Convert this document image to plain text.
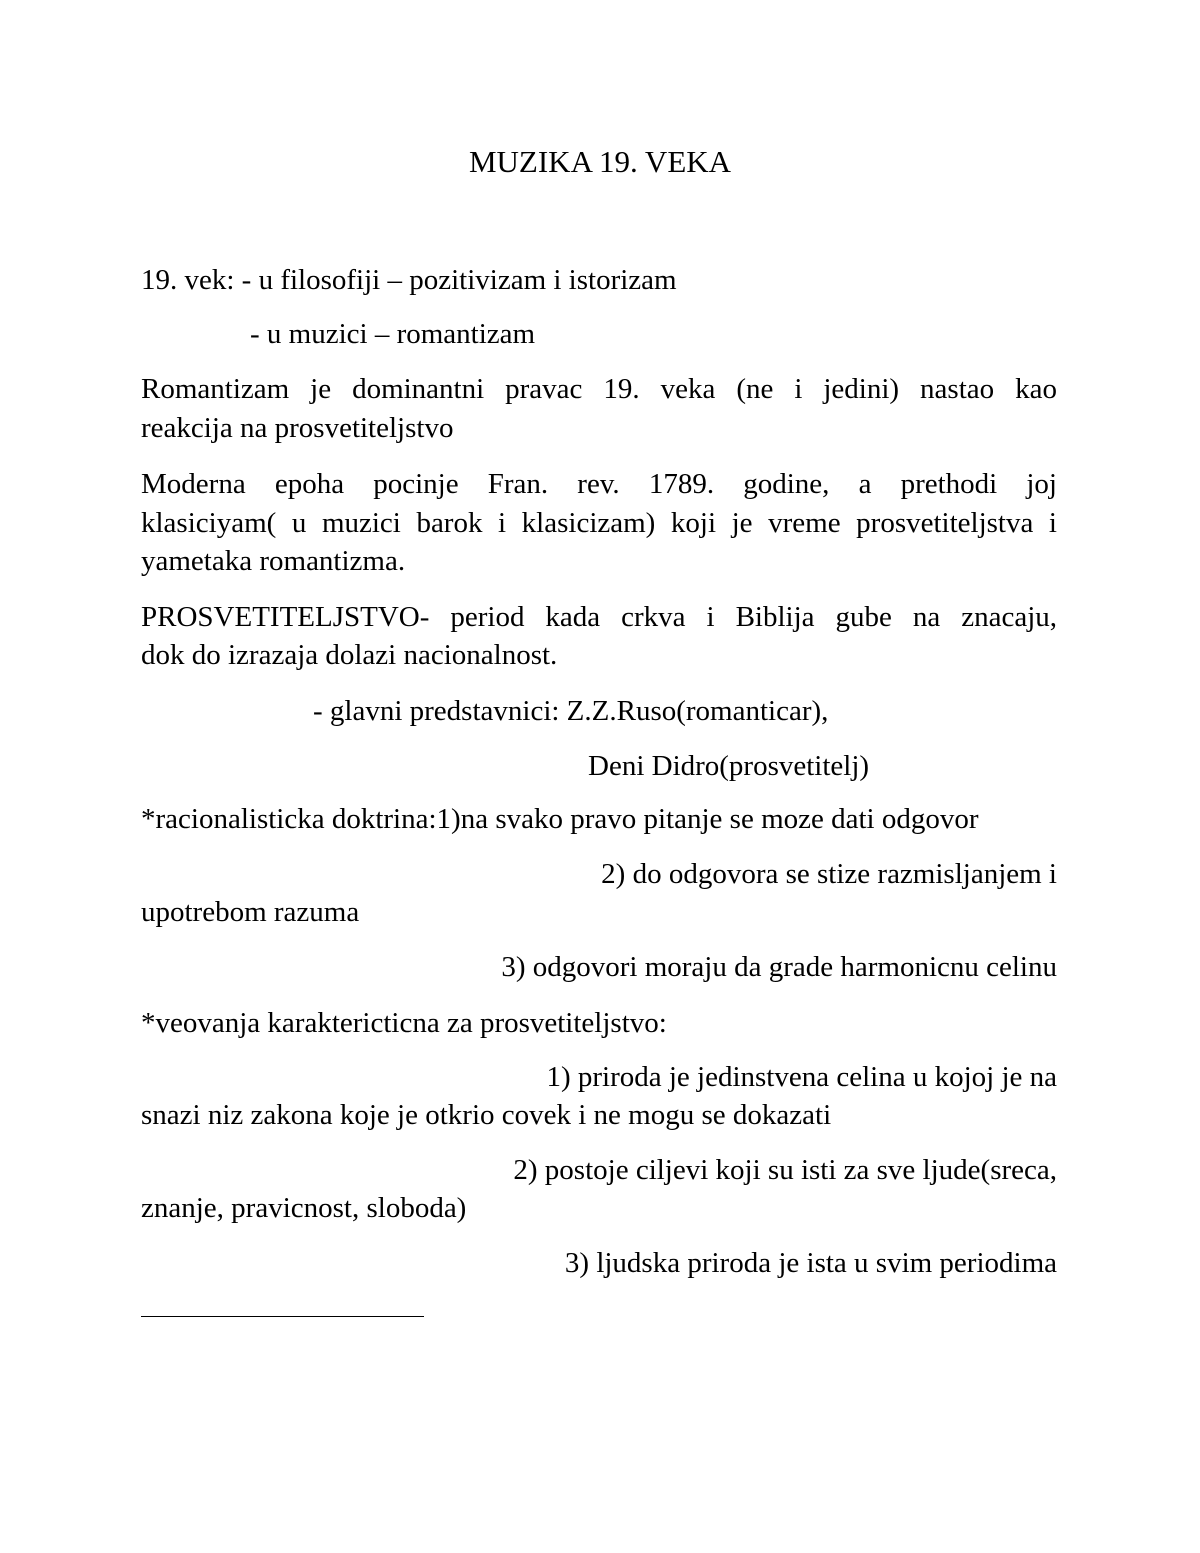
MUZIKA 19. VEKA
19. vek: - u filosofiji – pozitivizam i istorizam
- u muzici – romantizam
Romantizam je dominantni pravac 19. veka (ne i jedini) nastao kao
reakcija na prosvetiteljstvo
Moderna epoha pocinje Fran. rev. 1789. godine, a prethodi joj
klasiciyam( u muzici barok i klasicizam) koji je vreme prosvetiteljstva i
yametaka romantizma.
PROSVETITELJSTVO- period kada crkva i Biblija gube na znacaju,
dok do izrazaja dolazi nacionalnost.
- glavni predstavnici: Z.Z.Ruso(romanticar),
Deni Didro(prosvetitelj)
*racionalisticka doktrina:1)na svako pravo pitanje se moze dati odgovor
2) do odgovora se stize razmisljanjem i
upotrebom razuma
3) odgovori moraju da grade harmonicnu celinu
*veovanja karaktericticna za prosvetiteljstvo:
1) priroda je jedinstvena celina u kojoj je na
snazi niz zakona koje je otkrio covek i ne mogu se dokazati
2) postoje ciljevi koji su isti za sve ljude(sreca,
znanje, pravicnost, sloboda)
3) ljudska priroda je ista u svim periodima
